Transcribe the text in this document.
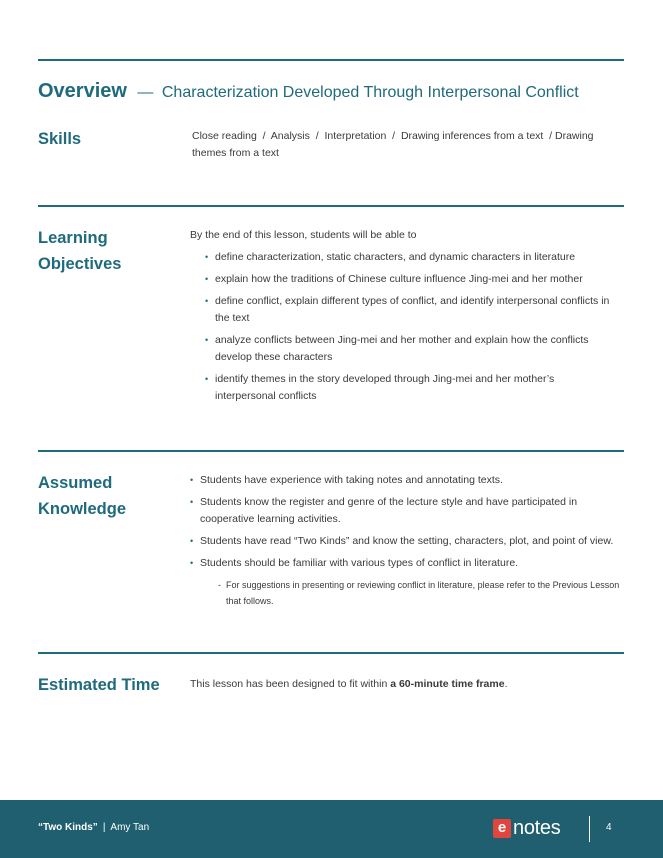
Overview — Characterization Developed Through Interpersonal Conflict
Skills	Close reading  /  Analysis  /  Interpretation  /  Drawing inferences from a text  / Drawing
themes from a text
Learning
Objectives
By the end of this lesson, students will be able to
• define characterization, static characters, and dynamic characters in literature
• explain how the traditions of Chinese culture influence Jing-mei and her mother
• define conflict, explain different types of conflict, and identify interpersonal conflicts in the text
• analyze conflicts between Jing-mei and her mother and explain how the conflicts develop these characters
• identify themes in the story developed through Jing-mei and her mother’s interpersonal conflicts
Assumed
Knowledge
• Students have experience with taking notes and annotating texts.
• Students know the register and genre of the lecture style and have participated in cooperative learning activities.
• Students have read “Two Kinds” and know the setting, characters, plot, and point of view.
• Students should be familiar with various types of conflict in literature.
- For suggestions in presenting or reviewing conflict in literature, please refer to the Previous Lesson that follows.
Estimated Time	This lesson has been designed to fit within a 60-minute time frame.
“Two Kinds” | Amy Tan	e notes	4
